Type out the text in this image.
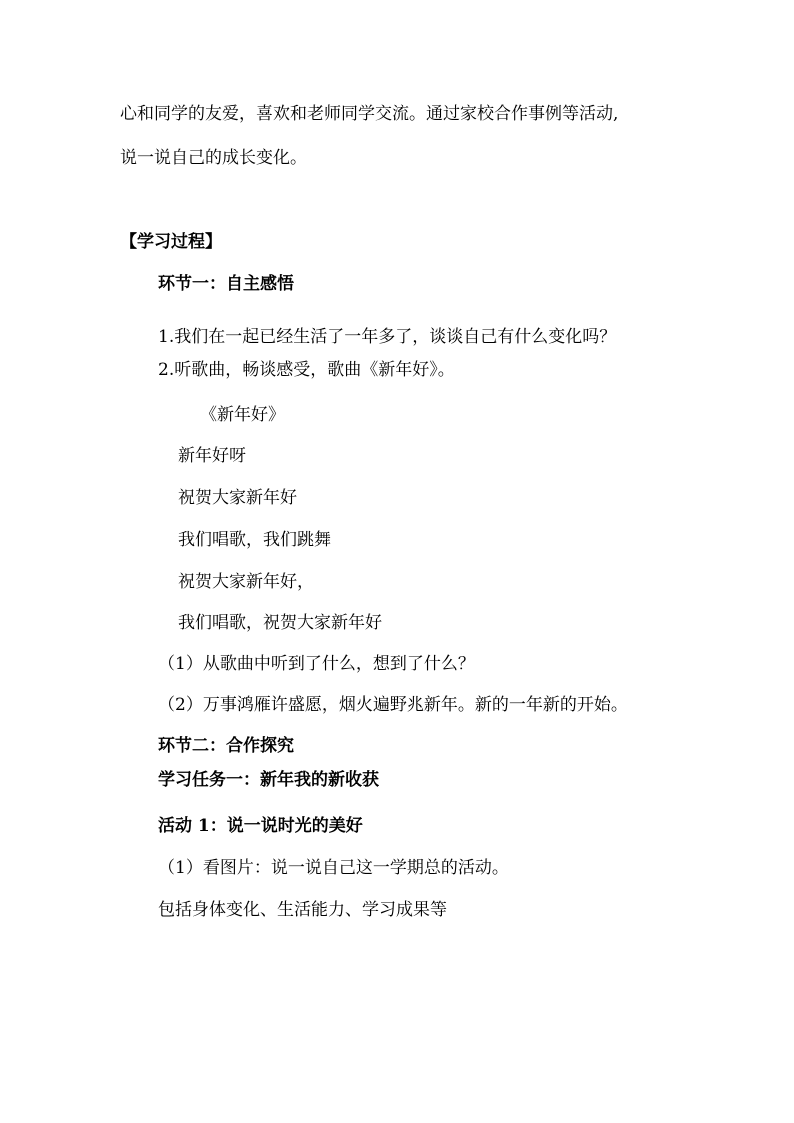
心和同学的友爱，喜欢和老师同学交流。通过家校合作事例等活动,
说一说自己的成长变化。
【学习过程】
环节一：自主感悟
1.我们在一起已经生活了一年多了，谈谈自己有什么变化吗？
2.听歌曲，畅谈感受，歌曲《新年好》。
《新年好》
新年好呀
祝贺大家新年好
我们唱歌，我们跳舞
祝贺大家新年好，
我们唱歌，祝贺大家新年好
（1）从歌曲中听到了什么，想到了什么？
（2）万事鸿雁许盛愿，烟火遍野兆新年。新的一年新的开始。
环节二：合作探究
学习任务一：新年我的新收获
活动 1：说一说时光的美好
（1）看图片：说一说自己这一学期总的活动。
包括身体变化、生活能力、学习成果等
